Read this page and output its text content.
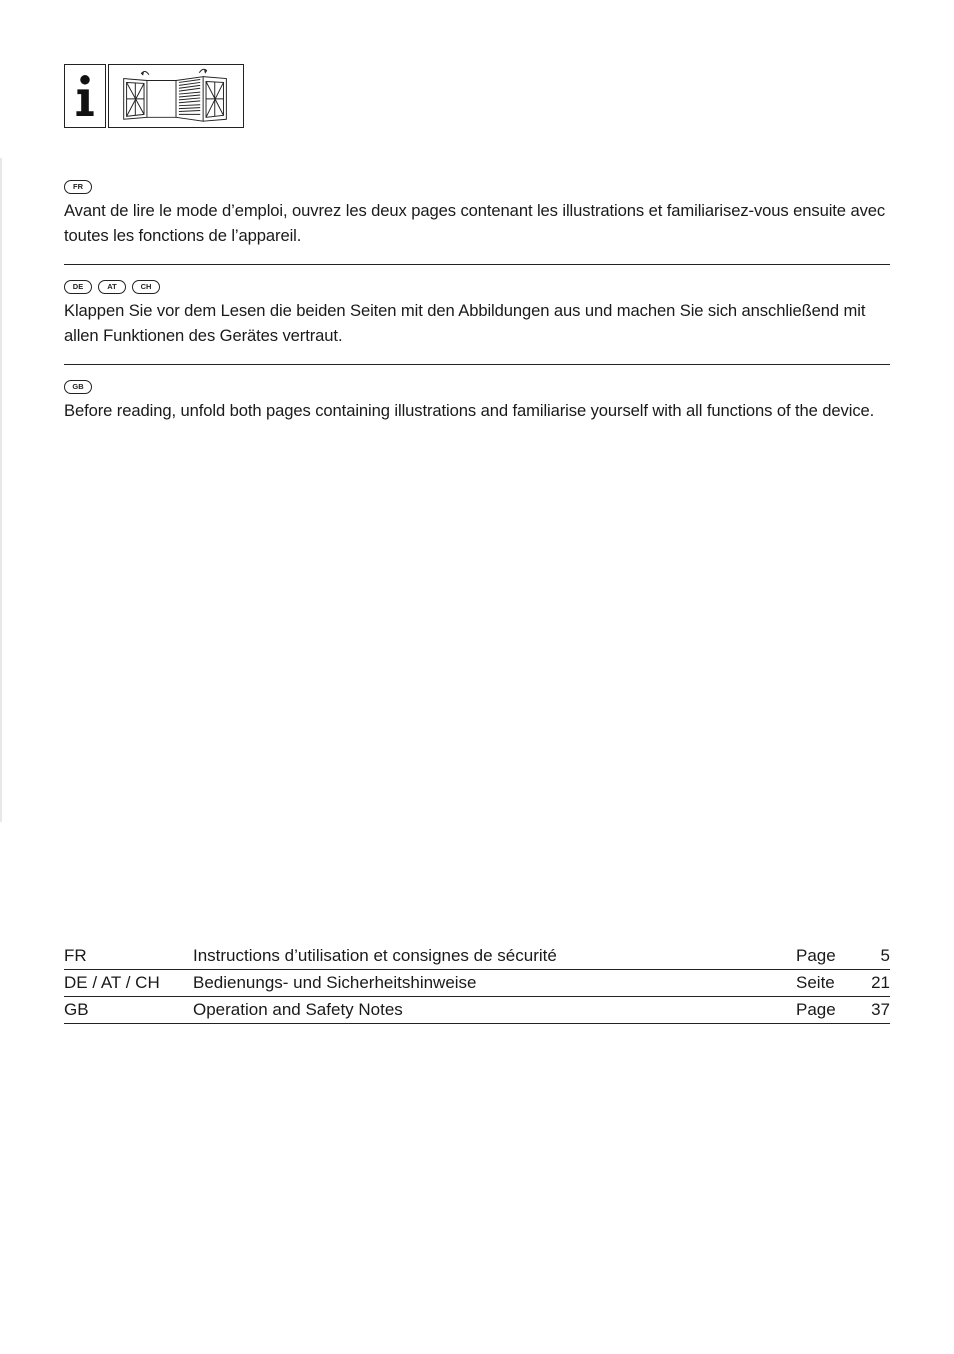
FR
Avant de lire le mode d’emploi, ouvrez les deux pages contenant les illustrations et familiarisez-vous ensuite avec toutes les fonctions de l’appareil.
DE	AT	CH
Klappen Sie vor dem Lesen die beiden Seiten mit den Abbildungen aus und machen Sie sich anschließend mit allen Funktionen des Gerätes vertraut.
GB
Before reading, unfold both pages containing illustrations and familiarise yourself with all functions of the device.
FR	Instructions d’utilisation et consignes de sécurité	Page	5
DE / AT / CH	Bedienungs- und Sicherheitshinweise	Seite	21
GB	Operation and Safety Notes	Page	37
